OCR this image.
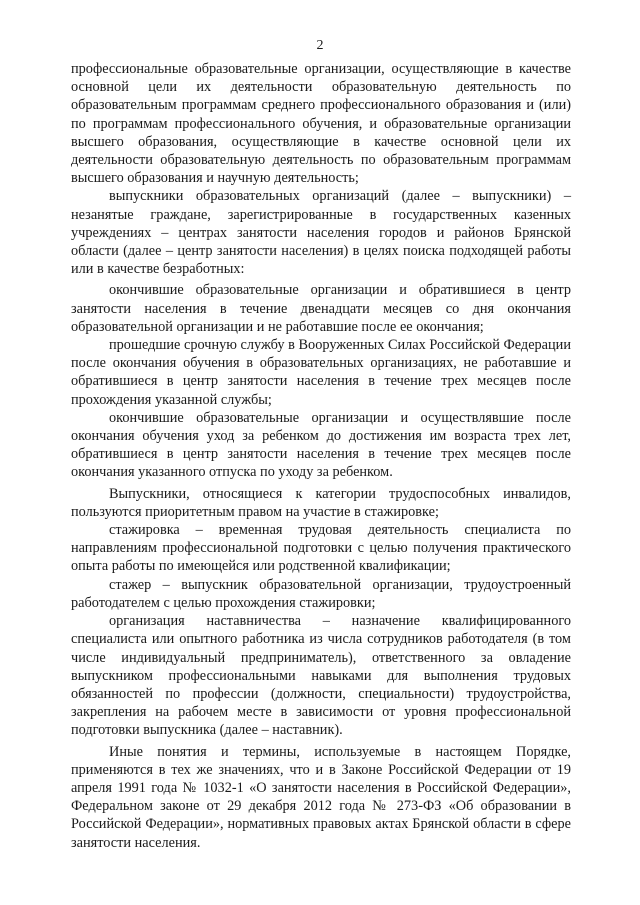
2

профессиональные образовательные организации, осуществляющие в качестве основной цели их деятельности образовательную деятельность по образовательным программам среднего профессионального образования и (или) по программам профессионального обучения, и образовательные организации высшего образования, осуществляющие в качестве основной цели их деятельности образовательную деятельность по образовательным программам высшего образования и научную деятельность;

выпускники образовательных организаций (далее – выпускники) – незанятые граждане, зарегистрированные в государственных казенных учреждениях – центрах занятости населения городов и районов Брянской области (далее – центр занятости населения) в целях поиска подходящей работы или в качестве безработных:

окончившие образовательные организации и обратившиеся в центр занятости населения в течение двенадцати месяцев со дня окончания образовательной организации и не работавшие после ее окончания;

прошедшие срочную службу в Вооруженных Силах Российской Федерации после окончания обучения в образовательных организациях, не работавшие и обратившиеся в центр занятости населения в течение трех месяцев после прохождения указанной службы;

окончившие образовательные организации и осуществлявшие после окончания обучения уход за ребенком до достижения им возраста трех лет, обратившиеся в центр занятости населения в течение трех месяцев после окончания указанного отпуска по уходу за ребенком.

Выпускники, относящиеся к категории трудоспособных инвалидов, пользуются приоритетным правом на участие в стажировке;

стажировка – временная трудовая деятельность специалиста по направлениям профессиональной подготовки с целью получения практического опыта работы по имеющейся или родственной квалификации;

стажер – выпускник образовательной организации, трудоустроенный работодателем с целью прохождения стажировки;

организация наставничества – назначение квалифицированного специалиста или опытного работника из числа сотрудников работодателя (в том числе индивидуальный предприниматель), ответственного за овладение выпускником профессиональными навыками для выполнения трудовых обязанностей по профессии (должности, специальности) трудоустройства, закрепления на рабочем месте в зависимости от уровня профессиональной подготовки выпускника (далее – наставник).

Иные понятия и термины, используемые в настоящем Порядке, применяются в тех же значениях, что и в Законе Российской Федерации от 19 апреля 1991 года № 1032-1 «О занятости населения в Российской Федерации», Федеральном законе от 29 декабря 2012 года № 273-ФЗ «Об образовании в Российской Федерации», нормативных правовых актах Брянской области в сфере занятости населения.
